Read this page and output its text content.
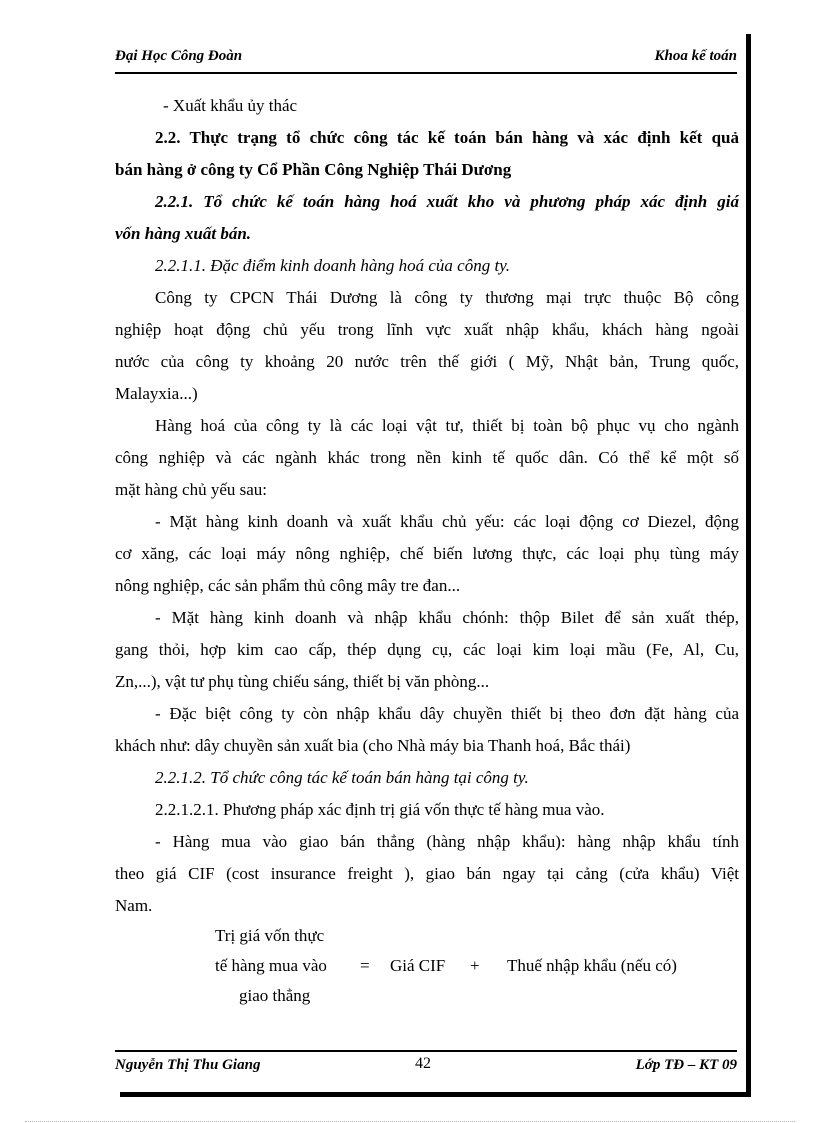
Đại Học Công Đoàn	Khoa kế toán
- Xuất khẩu ủy thác
2.2. Thực trạng tổ chức công tác kế toán bán hàng và xác định kết quả
bán hàng ở công ty Cổ Phần Công Nghiệp Thái Dương
2.2.1. Tổ chức kế toán hàng hoá xuất kho và phương pháp xác định giá
vốn hàng xuất bán.
2.2.1.1. Đặc điểm kinh doanh hàng hoá của công ty.
Công ty CPCN Thái Dương là công ty thương mại trực thuộc Bộ công
nghiệp hoạt động chủ yếu trong lĩnh vực xuất nhập khẩu, khách hàng ngoài
nước của công ty khoảng 20 nước trên thế giới ( Mỹ, Nhật bản, Trung quốc,
Malayxia...)
Hàng hoá của công ty là các loại vật tư, thiết bị toàn bộ phục vụ cho ngành
công nghiệp và các ngành khác trong nền kinh tế quốc dân. Có thể kể một số
mặt hàng chủ yếu sau:
- Mặt hàng kinh doanh và xuất khẩu chủ yếu: các loại động cơ Diezel, động
cơ xăng, các loại máy nông nghiệp, chế biến lương thực, các loại phụ tùng máy
nông nghiệp, các sản phẩm thủ công mây tre đan...
- Mặt hàng kinh doanh và nhập khẩu chónh: thộp Bilet để sản xuất thép,
gang thỏi, hợp kim cao cấp, thép dụng cụ, các loại kim loại mầu (Fe, Al, Cu,
Zn,...), vật tư phụ tùng chiếu sáng, thiết bị văn phòng...
- Đặc biệt công ty còn nhập khẩu dây chuyền thiết bị theo đơn đặt hàng của
khách như: dây chuyền sản xuất bia (cho Nhà máy bia Thanh hoá, Bắc thái)
2.2.1.2. Tổ chức công tác kế toán bán hàng tại công ty.
2.2.1.2.1. Phương pháp xác định trị giá vốn thực tế hàng mua vào.
- Hàng mua vào giao bán thẳng (hàng nhập khẩu): hàng nhập khẩu tính
theo giá CIF (cost insurance freight ), giao bán ngay tại cảng (cửa khẩu) Việt
Nam.
Trị giá vốn thực
tế hàng mua vào
giao thẳng
= Giá CIF + Thuế nhập khẩu (nếu có)
Nguyễn Thị Thu Giang	42	Lớp TĐ – KT 09
